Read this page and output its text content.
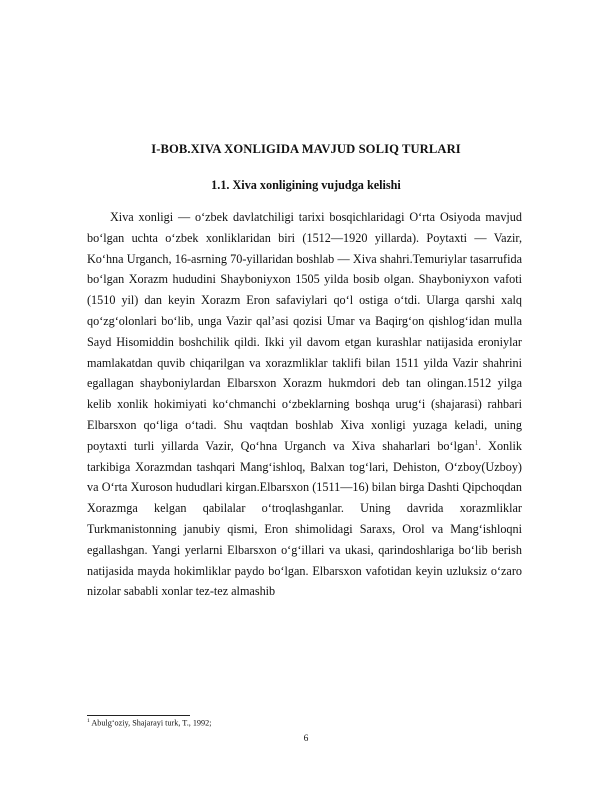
I-BOB.XIVA XONLIGIDA MAVJUD SOLIQ TURLARI
1.1. Xiva xonligining vujudga kelishi

Xiva xonligi — o‘zbek davlatchiligi tarixi bosqichlaridagi O‘rta Osiyoda mavjud bo‘lgan uchta o‘zbek xonliklaridan biri (1512—1920 yillarda). Poytaxti — Vazir, Ko‘hna Urganch, 16-asrning 70-yillaridan boshlab — Xiva shahri.Temuriylar tasarrufida bo‘lgan Xorazm hududini Shayboniyxon 1505 yilda bosib olgan. Shayboniyxon vafoti (1510 yil) dan keyin Xorazm Eron safaviylari qo‘l ostiga o‘tdi. Ularga qarshi xalq qo‘zg‘olonlari bo‘lib, unga Vazir qal’asi qozisi Umar va Baqirg‘on qishlog‘idan mulla Sayd Hisomiddin boshchilik qildi. Ikki yil davom etgan kurashlar natijasida eroniylar mamlakatdan quvib chiqarilgan va xorazmliklar taklifi bilan 1511 yilda Vazir shahrini egallagan shayboniylardan Elbarsxon Xorazm hukmdori deb tan olingan.1512 yilga kelib xonlik hokimiyati ko‘chmanchi o‘zbeklarning boshqa urug‘i (shajarasi) rahbari Elbarsxon qo‘liga o‘tadi. Shu vaqtdan boshlab Xiva xonligi yuzaga keladi, uning poytaxti turli yillarda Vazir, Qo‘hna Urganch va Xiva shaharlari bo‘lgan$^1$. Xonlik tarkibiga Xorazmdan tashqari Mang‘ishloq, Balxan tog‘lari, Dehiston, O‘zboy(Uzboy) va O‘rta Xuroson hududlari kirgan.Elbarsxon (1511—16) bilan birga Dashti Qipchoqdan Xorazmga kelgan qabilalar o‘troqlashganlar. Uning davrida xorazmliklar Turkmanistonning janubiy qismi, Eron shimolidagi Saraxs, Orol va Mang‘ishloqni egallashgan. Yangi yerlarni Elbarsxon o‘g‘illari va ukasi, qarindoshlariga bo‘lib berish natijasida mayda hokimliklar paydo bo‘lgan. Elbarsxon vafotidan keyin uzluksiz o‘zaro nizolar sababli xonlar tez-tez almashib

$^1$ Abulg‘oziy, Shajarayi turk, T., 1992;
6
